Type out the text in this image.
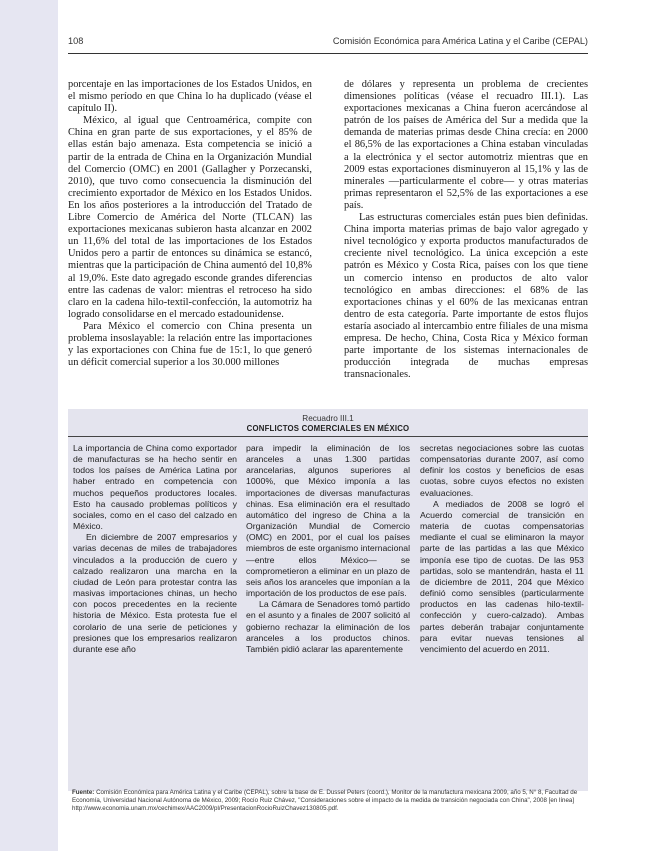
108	Comisión Económica para América Latina y el Caribe (CEPAL)

porcentaje en las importaciones de los Estados Unidos, en el mismo período en que China lo ha duplicado (véase el capítulo II).

México, al igual que Centroamérica, compite con China en gran parte de sus exportaciones, y el 85% de ellas están bajo amenaza. Esta competencia se inició a partir de la entrada de China en la Organización Mundial del Comercio (OMC) en 2001 (Gallagher y Porzecanski, 2010), que tuvo como consecuencia la disminución del crecimiento exportador de México en los Estados Unidos. En los años posteriores a la introducción del Tratado de Libre Comercio de América del Norte (TLCAN) las exportaciones mexicanas subieron hasta alcanzar en 2002 un 11,6% del total de las importaciones de los Estados Unidos pero a partir de entonces su dinámica se estancó, mientras que la participación de China aumentó del 10,8% al 19,0%. Este dato agregado esconde grandes diferencias entre las cadenas de valor: mientras el retroceso ha sido claro en la cadena hilo-textil-confección, la automotriz ha logrado consolidarse en el mercado estadounidense.

Para México el comercio con China presenta un problema insoslayable: la relación entre las importaciones y las exportaciones con China fue de 15:1, lo que generó un déficit comercial superior a los 30.000 millones

de dólares y representa un problema de crecientes dimensiones políticas (véase el recuadro III.1). Las exportaciones mexicanas a China fueron acercándose al patrón de los países de América del Sur a medida que la demanda de materias primas desde China crecía: en 2000 el 86,5% de las exportaciones a China estaban vinculadas a la electrónica y el sector automotriz mientras que en 2009 estas exportaciones disminuyeron al 15,1% y las de minerales —particularmente el cobre— y otras materias primas representaron el 52,5% de las exportaciones a ese país.

Las estructuras comerciales están pues bien definidas. China importa materias primas de bajo valor agregado y nivel tecnológico y exporta productos manufacturados de creciente nivel tecnológico. La única excepción a este patrón es México y Costa Rica, países con los que tiene un comercio intenso en productos de alto valor tecnológico en ambas direcciones: el 68% de las exportaciones chinas y el 60% de las mexicanas entran dentro de esta categoría. Parte importante de estos flujos estaría asociado al intercambio entre filiales de una misma empresa. De hecho, China, Costa Rica y México forman parte importante de los sistemas internacionales de producción integrada de muchas empresas transnacionales.

Recuadro III.1
CONFLICTOS COMERCIALES EN MÉXICO

La importancia de China como exportador de manufacturas se ha hecho sentir en todos los países de América Latina por haber entrado en competencia con muchos pequeños productores locales. Esto ha causado problemas políticos y sociales, como en el caso del calzado en México.

En diciembre de 2007 empresarios y varias decenas de miles de trabajadores vinculados a la producción de cuero y calzado realizaron una marcha en la ciudad de León para protestar contra las masivas importaciones chinas, un hecho con pocos precedentes en la reciente historia de México. Esta protesta fue el corolario de una serie de peticiones y presiones que los empresarios realizaron durante ese año

para impedir la eliminación de los aranceles a unas 1.300 partidas arancelarias, algunos superiores al 1000%, que México imponía a las importaciones de diversas manufacturas chinas. Esa eliminación era el resultado automático del ingreso de China a la Organización Mundial de Comercio (OMC) en 2001, por el cual los países miembros de este organismo internacional —entre ellos México— se comprometieron a eliminar en un plazo de seis años los aranceles que imponían a la importación de los productos de ese país.

La Cámara de Senadores tomó partido en el asunto y a finales de 2007 solicitó al gobierno rechazar la eliminación de los aranceles a los productos chinos. También pidió aclarar las aparentemente

secretas negociaciones sobre las cuotas compensatorias durante 2007, así como definir los costos y beneficios de esas cuotas, sobre cuyos efectos no existen evaluaciones.

A mediados de 2008 se logró el Acuerdo comercial de transición en materia de cuotas compensatorias mediante el cual se eliminaron la mayor parte de las partidas a las que México imponía ese tipo de cuotas. De las 953 partidas, solo se mantendrán, hasta el 11 de diciembre de 2011, 204 que México definió como sensibles (particularmente productos en las cadenas hilo-textil-confección y cuero-calzado). Ambas partes deberán trabajar conjuntamente para evitar nuevas tensiones al vencimiento del acuerdo en 2011.

Fuente: Comisión Económica para América Latina y el Caribe (CEPAL), sobre la base de E. Dussel Peters (coord.), Monitor de la manufactura mexicana 2009, año 5, N° 8, Facultad de Economía, Universidad Nacional Autónoma de México, 2009; Rocío Ruiz Chávez, "Consideraciones sobre el impacto de la medida de transición negociada con China", 2008 [en línea] http://www.economia.unam.mx/cechimex/AAC2009/pl/PresentacionRocioRuizChavez130805.pdf.
